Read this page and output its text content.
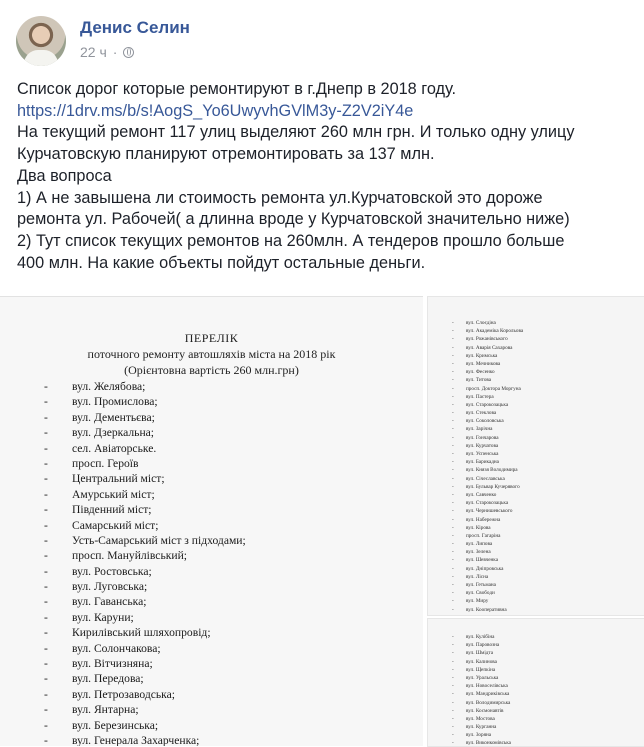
Денис Селин
22 ч ·
Список дорог которые ремонтируют в г.Днепр в 2018 году.
https://1drv.ms/b/s!AogS_Yo6UwyvhGVlM3y-Z2V2iY4e
На текущий ремонт 117 улиц выделяют 260 млн грн. И только одну улицу
Курчатовскую планируют отремонтировать за 137 млн.
Два вопроса
1) А не завышена ли стоимость ремонта ул.Курчатовской это дороже
ремонта ул. Рабочей( а длинна вроде у Курчатовской значительно ниже)
2) Тут список текущих ремонтов на 260млн. А тендеров прошло больше
400 млн. На какие объекты пойдут остальные деньги.
ПЕРЕЛІК
поточного ремонту автошляхів міста на 2018 рік
(Орієнтовна вартість 260 млн.грн)
- вул. Желябова;
- вул. Промислова;
- вул. Дементьєва;
- вул. Дзеркальна;
- сел. Авіаторське.
- просп. Героїв
- Центральний міст;
- Амурський міст;
- Південний міст;
- Самарський міст;
- Усть-Самарський міст з підходами;
- просп. Мануйлівський;
- вул. Ростовська;
- вул. Луговська;
- вул. Гаванська;
- вул. Каруни;
- Кирилівський шляхопровід;
- вул. Солончакова;
- вул. Вітчизняна;
- вул. Передова;
- вул. Петрозаводська;
- вул. Янтарна;
- вул. Березинська;
- вул. Генерала Захарченка;
- вул. Слоєдіна
- вул. Академіка Корольова
- вул. Рожанівського
- вул. Аварія Сахарова
- вул. Кримська
- вул. Мечникова
- вул. Фесенко
- вул. Титова
- просп. Доктора Моргуна
- вул. Пастера
- вул. Старокозацька
- вул. Стеклова
- вул. Соколовська
- вул. Зарічна
- вул. Гончарова
- вул. Курчатова
- вул. Успенська
- вул. Барикадна
- вул. Князя Володимира
- вул. Січеславська
- вул. Бульвар Кучерявого
- вул. Савченко
- вул. Старокозацька
- вул. Чернишевського
- вул. Набережна
- вул. Кірова
- просп. Гагаріна
- вул. Липова
- вул. Зелена
- вул. Шевченка
- вул. Дніпровська
- вул. Лісна
- вул. Гетьмана
- вул. Свободи
- вул. Миру
- вул. Кооперативна
-
- вул. Кулібіна
- вул. Паровозна
- вул. Шмідта
- вул. Калинова
- вул. Щепкіна
- вул. Уральська
- вул. Новоселівська
- вул. Мандриківська
- вул. Володимирська
- вул. Космонавтів
- вул. Мостова
- вул. Курганна
- вул. Зоряна
- вул. Виконкомівська
